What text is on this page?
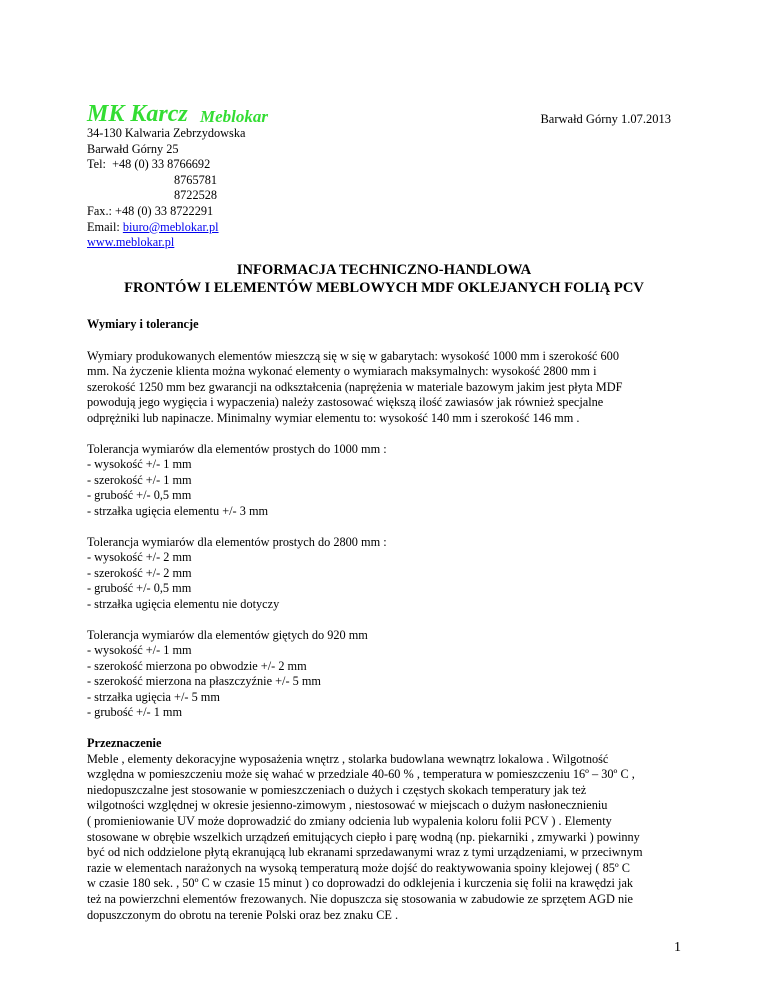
MK Karcz Meblokar	Barwałd Górny 1.07.2013
34-130 Kalwaria Zebrzydowska
Barwałd Górny 25
Tel:  +48 (0) 33 8766692
8765781
8722528
Fax.: +48 (0) 33 8722291
Email: biuro@meblokar.pl
www.meblokar.pl
INFORMACJA TECHNICZNO-HANDLOWA
FRONTÓW I ELEMENTÓW MEBLOWYCH MDF OKLEJANYCH FOLIĄ PCV

Wymiary i tolerancje

Wymiary produkowanych elementów mieszczą się w się w gabarytach: wysokość 1000 mm i szerokość 600

mm. Na życzenie klienta można wykonać elementy o wymiarach maksymalnych: wysokość 2800 mm i

szerokość 1250 mm bez gwarancji na odkształcenia (naprężenia w materiale bazowym jakim jest płyta MDF

powodują jego wygięcia i wypaczenia) należy zastosować większą ilość zawiasów jak również specjalne

odprężniki lub napinacze. Minimalny wymiar elementu to: wysokość 140 mm i szerokość 146 mm .

Tolerancja wymiarów dla elementów prostych do 1000 mm :

- wysokość +/- 1 mm

- szerokość +/- 1 mm

- grubość +/- 0,5 mm

- strzałka ugięcia elementu +/- 3 mm

Tolerancja wymiarów dla elementów prostych do 2800 mm :

- wysokość +/- 2 mm

- szerokość +/- 2 mm

- grubość +/- 0,5 mm

- strzałka ugięcia elementu nie dotyczy

Tolerancja wymiarów dla elementów giętych do 920 mm

- wysokość +/- 1 mm

- szerokość mierzona po obwodzie +/- 2 mm

- szerokość mierzona na płaszczyźnie +/- 5 mm

- strzałka ugięcia +/- 5 mm

- grubość +/- 1 mm

Przeznaczenie

Meble , elementy dekoracyjne wyposażenia wnętrz , stolarka budowlana wewnątrz lokalowa . Wilgotność

względna w pomieszczeniu może się wahać w przedziale 40-60 % , temperatura w pomieszczeniu 16º – 30º C ,

niedopuszczalne jest stosowanie w pomieszczeniach o dużych i częstych skokach temperatury jak też

wilgotności względnej w okresie jesienno-zimowym , niestosować w miejscach o dużym nasłonecznieniu

( promieniowanie UV może doprowadzić do zmiany odcienia lub wypalenia koloru folii PCV ) . Elementy

stosowane w obrębie wszelkich urządzeń emitujących ciepło i parę wodną (np. piekarniki , zmywarki ) powinny

być od nich oddzielone płytą ekranującą lub ekranami sprzedawanymi wraz z tymi urządzeniami, w przeciwnym

razie w elementach narażonych na wysoką temperaturą może dojść do reaktywowania spoiny klejowej ( 85º C

w czasie 180 sek. , 50º C w czasie 15 minut ) co doprowadzi do odklejenia i kurczenia się folii na krawędzi jak

też na powierzchni elementów frezowanych. Nie dopuszcza się stosowania w zabudowie ze sprzętem AGD nie

dopuszczonym do obrotu na terenie Polski oraz bez znaku CE .

1
